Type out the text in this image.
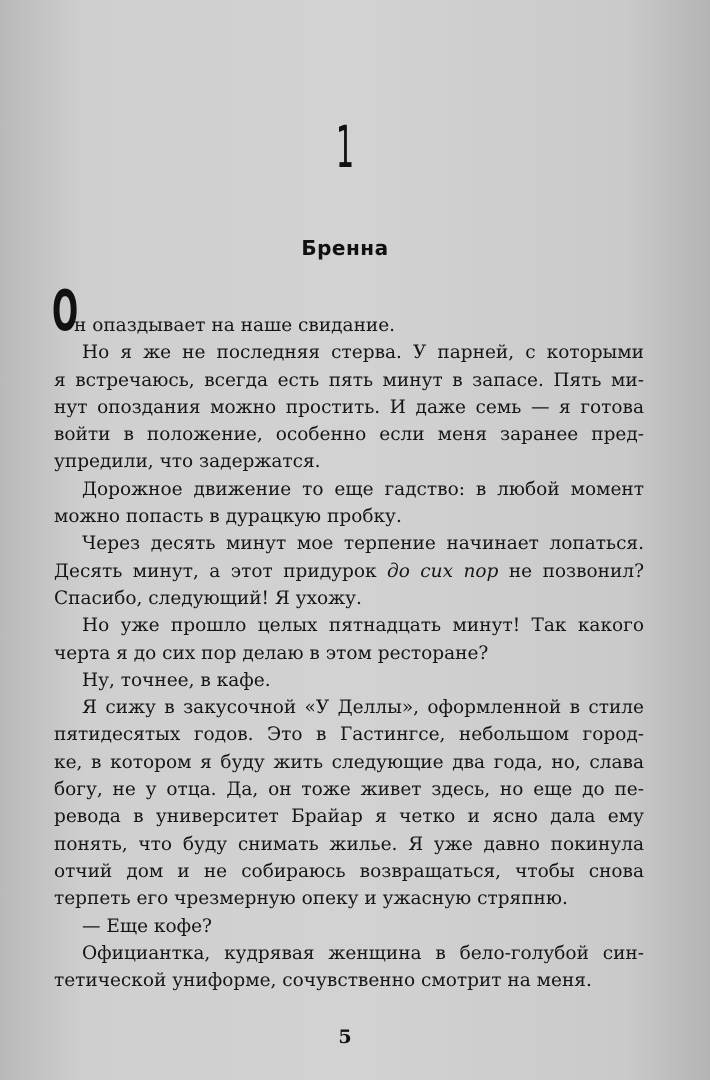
1
Бренна
О
н опаздывает на наше свидание.
Но я же не последняя стерва. У парней, с которыми
я встречаюсь, всегда есть пять минут в запасе. Пять ми-
нут опоздания можно простить. И даже семь — я готова
войти в положение, особенно если меня заранее пред-
упредили, что задержатся.
Дорожное движение то еще гадство: в любой момент
можно попасть в дурацкую пробку.
Через десять минут мое терпение начинает лопаться.
Десять минут, а этот придурок до сих пор не позвонил?
Спасибо, следующий! Я ухожу.
Но уже прошло целых пятнадцать минут! Так какого
черта я до сих пор делаю в этом ресторане?
Ну, точнее, в кафе.
Я сижу в закусочной «У Деллы», оформленной в стиле
пятидесятых годов. Это в Гастингсе, небольшом город-
ке, в котором я буду жить следующие два года, но, слава
богу, не у отца. Да, он тоже живет здесь, но еще до пе-
ревода в университет Брайар я четко и ясно дала ему
понять, что буду снимать жилье. Я уже давно покинула
отчий дом и не собираюсь возвращаться, чтобы снова
терпеть его чрезмерную опеку и ужасную стряпню.
— Еще кофе?
Официантка, кудрявая женщина в бело-голубой син-
тетической униформе, сочувственно смотрит на меня.
5
